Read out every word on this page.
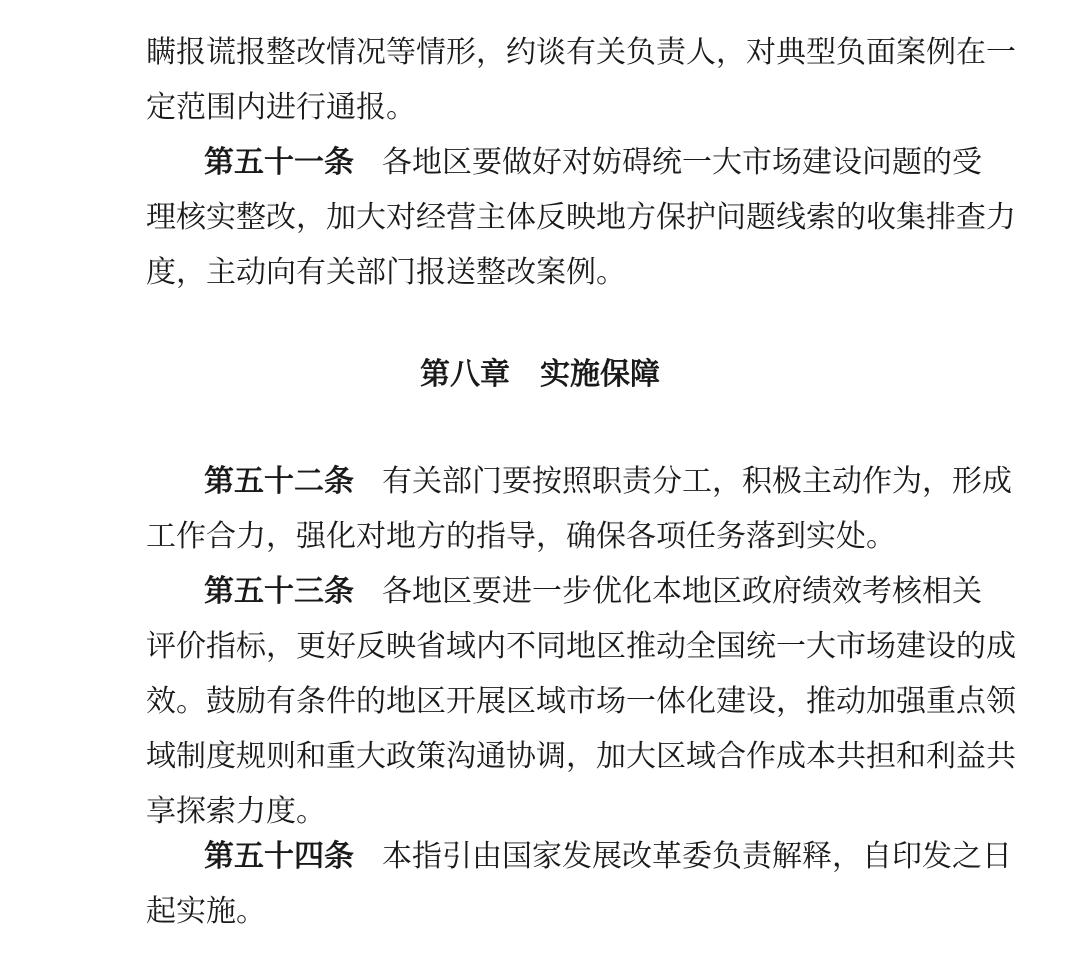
瞒报谎报整改情况等情形，约谈有关负责人，对典型负面案例在一
定范围内进行通报。
第五十一条 各地区要做好对妨碍统一大市场建设问题的受
理核实整改，加大对经营主体反映地方保护问题线索的收集排查力
度，主动向有关部门报送整改案例。
第八章 实施保障
第五十二条 有关部门要按照职责分工，积极主动作为，形成
工作合力，强化对地方的指导，确保各项任务落到实处。
第五十三条 各地区要进一步优化本地区政府绩效考核相关
评价指标，更好反映省域内不同地区推动全国统一大市场建设的成
效。鼓励有条件的地区开展区域市场一体化建设，推动加强重点领
域制度规则和重大政策沟通协调，加大区域合作成本共担和利益共
享探索力度。
第五十四条 本指引由国家发展改革委负责解释，自印发之日
起实施。
